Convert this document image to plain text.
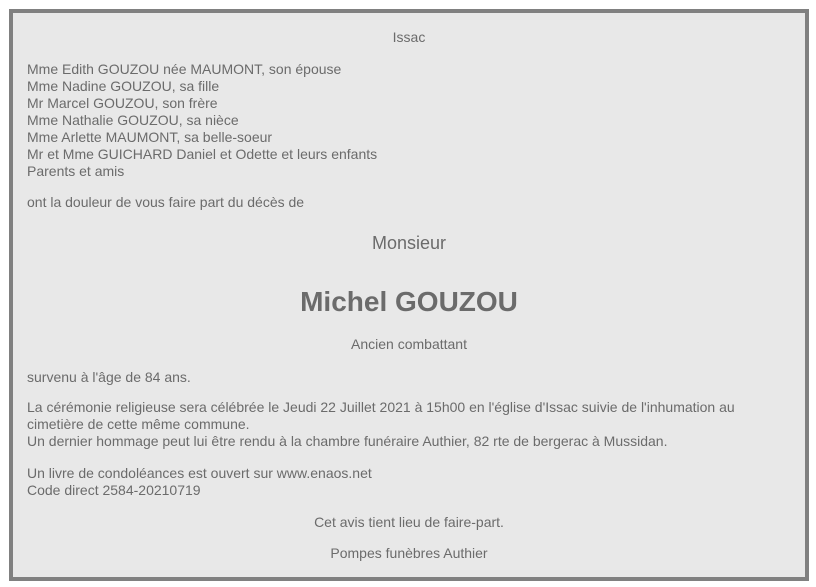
Issac
Mme Edith GOUZOU née MAUMONT, son épouse
Mme Nadine GOUZOU, sa fille
Mr Marcel GOUZOU, son frère
Mme Nathalie GOUZOU, sa nièce
Mme Arlette MAUMONT, sa belle-soeur
Mr et Mme GUICHARD Daniel et Odette et leurs enfants
Parents et amis
ont la douleur de vous faire part du décès de
Monsieur
Michel GOUZOU
Ancien combattant
survenu à l'âge de 84 ans.
La cérémonie religieuse sera célébrée le Jeudi 22 Juillet 2021 à 15h00 en l'église d'Issac suivie de l'inhumation au
cimetière de cette même commune.
Un dernier hommage peut lui être rendu à la chambre funéraire Authier, 82 rte de bergerac à Mussidan.
Un livre de condoléances est ouvert sur www.enaos.net
Code direct 2584-20210719
Cet avis tient lieu de faire-part.
Pompes funèbres Authier
